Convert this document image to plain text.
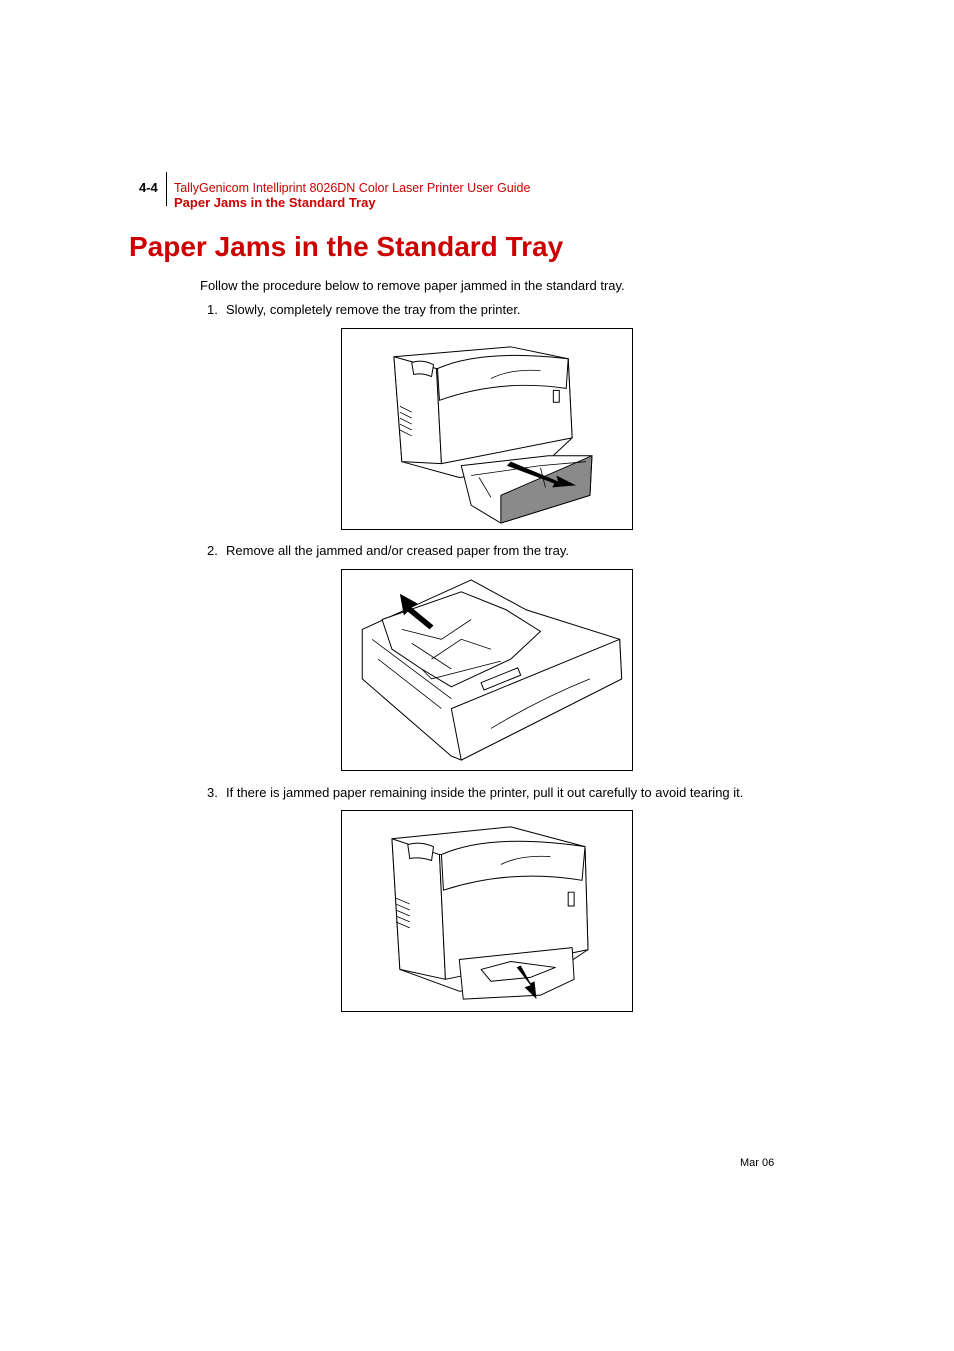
4-4 TallyGenicom Intelliprint 8026DN Color Laser Printer User Guide
Paper Jams in the Standard Tray
Paper Jams in the Standard Tray
Follow the procedure below to remove paper jammed in the standard tray.
1. Slowly, completely remove the tray from the printer.
2. Remove all the jammed and/or creased paper from the tray.
3. If there is jammed paper remaining inside the printer, pull it out carefully to avoid tearing it.
Mar 06
